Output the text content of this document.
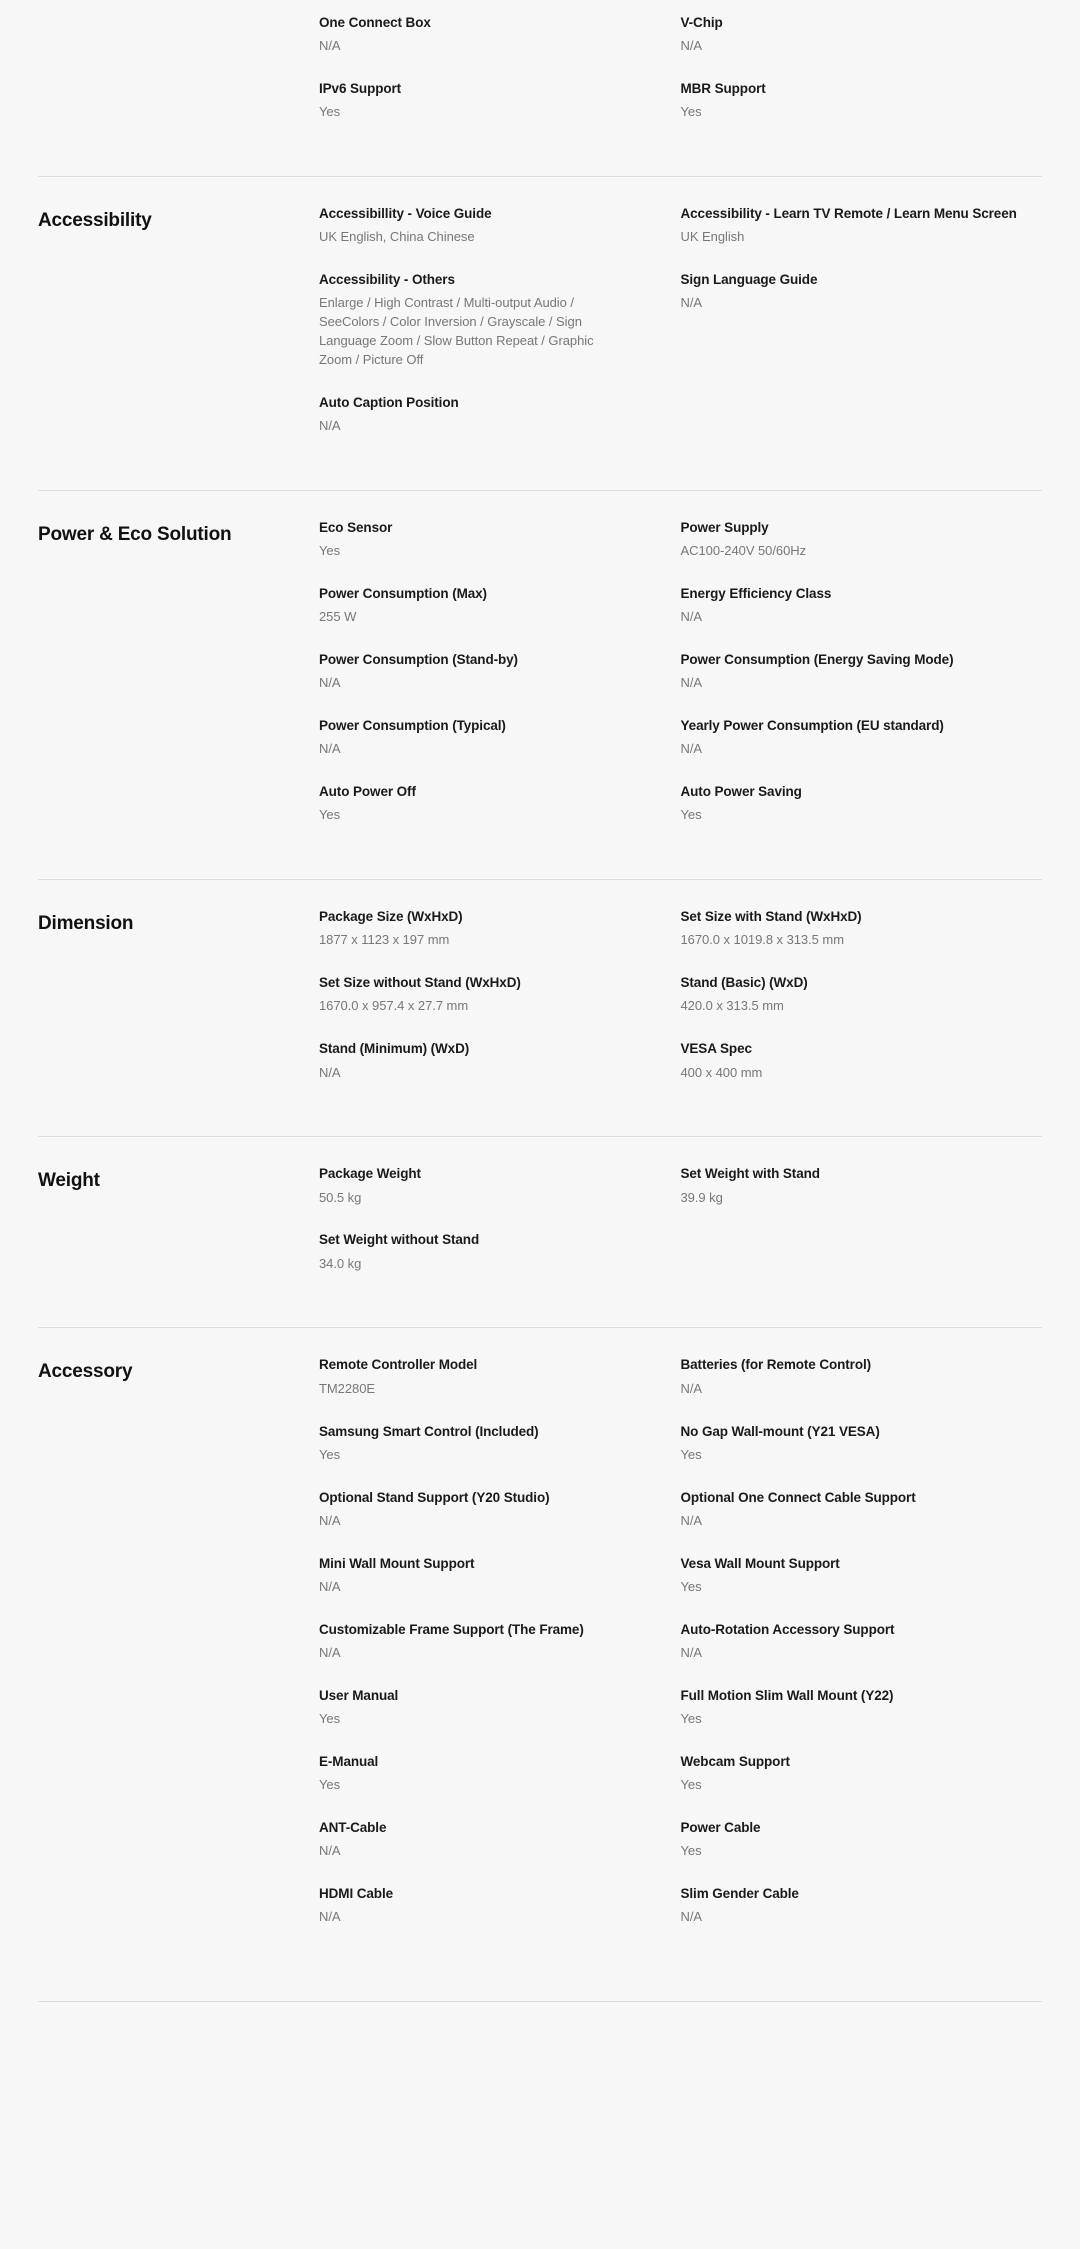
One Connect Box
N/A
V-Chip
N/A
IPv6 Support
Yes
MBR Support
Yes
Accessibility	Accessibillity - Voice Guide
UK English, China Chinese
Accessibility - Learn TV Remote / Learn Menu Screen
UK English
Accessibility - Others
Enlarge / High Contrast / Multi-output Audio / SeeColors / Color Inversion / Grayscale / Sign Language Zoom / Slow Button Repeat / Graphic Zoom / Picture Off
Sign Language Guide
N/A
Auto Caption Position
N/A
Power & Eco Solution	Eco Sensor
Yes
Power Supply
AC100-240V 50/60Hz
Power Consumption (Max)
255 W
Energy Efficiency Class
N/A
Power Consumption (Stand-by)
N/A
Power Consumption (Energy Saving Mode)
N/A
Power Consumption (Typical)
N/A
Yearly Power Consumption (EU standard)
N/A
Auto Power Off
Yes
Auto Power Saving
Yes
Dimension	Package Size (WxHxD)
1877 x 1123 x 197 mm
Set Size with Stand (WxHxD)
1670.0 x 1019.8 x 313.5 mm
Set Size without Stand (WxHxD)
1670.0 x 957.4 x 27.7 mm
Stand (Basic) (WxD)
420.0 x 313.5 mm
Stand (Minimum) (WxD)
N/A
VESA Spec
400 x 400 mm
Weight	Package Weight
50.5 kg
Set Weight with Stand
39.9 kg
Set Weight without Stand
34.0 kg
Accessory	Remote Controller Model
TM2280E
Batteries (for Remote Control)
N/A
Samsung Smart Control (Included)
Yes
No Gap Wall-mount (Y21 VESA)
Yes
Optional Stand Support (Y20 Studio)
N/A
Optional One Connect Cable Support
N/A
Mini Wall Mount Support
N/A
Vesa Wall Mount Support
Yes
Customizable Frame Support (The Frame)
N/A
Auto-Rotation Accessory Support
N/A
User Manual
Yes
Full Motion Slim Wall Mount (Y22)
Yes
E-Manual
Yes
Webcam Support
Yes
ANT-Cable
N/A
Power Cable
Yes
HDMI Cable
N/A
Slim Gender Cable
N/A
